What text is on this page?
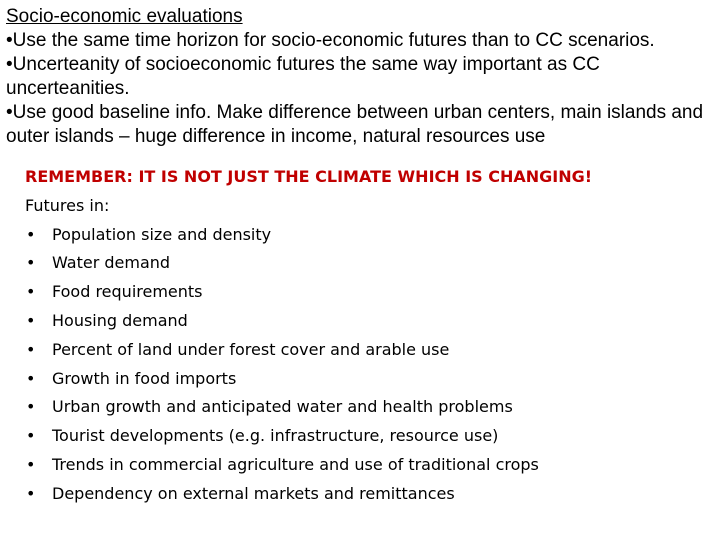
Socio-economic evaluations

•Use the same time horizon for socio-economic futures than to CC scenarios.

•Uncerteanity of socioeconomic futures the same way important as CC uncerteanities.

•Use good baseline info. Make difference between urban centers, main islands and outer islands – huge difference in income, natural resources use

REMEMBER: IT IS NOT JUST THE CLIMATE WHICH IS CHANGING!

Futures in:

• Population size and density
• Water demand
• Food requirements
• Housing demand
• Percent of land under forest cover and arable use
• Growth in food imports
• Urban growth and anticipated water and health problems
• Tourist developments (e.g. infrastructure, resource use)
• Trends in commercial agriculture and use of traditional crops
• Dependency on external markets and remittances
